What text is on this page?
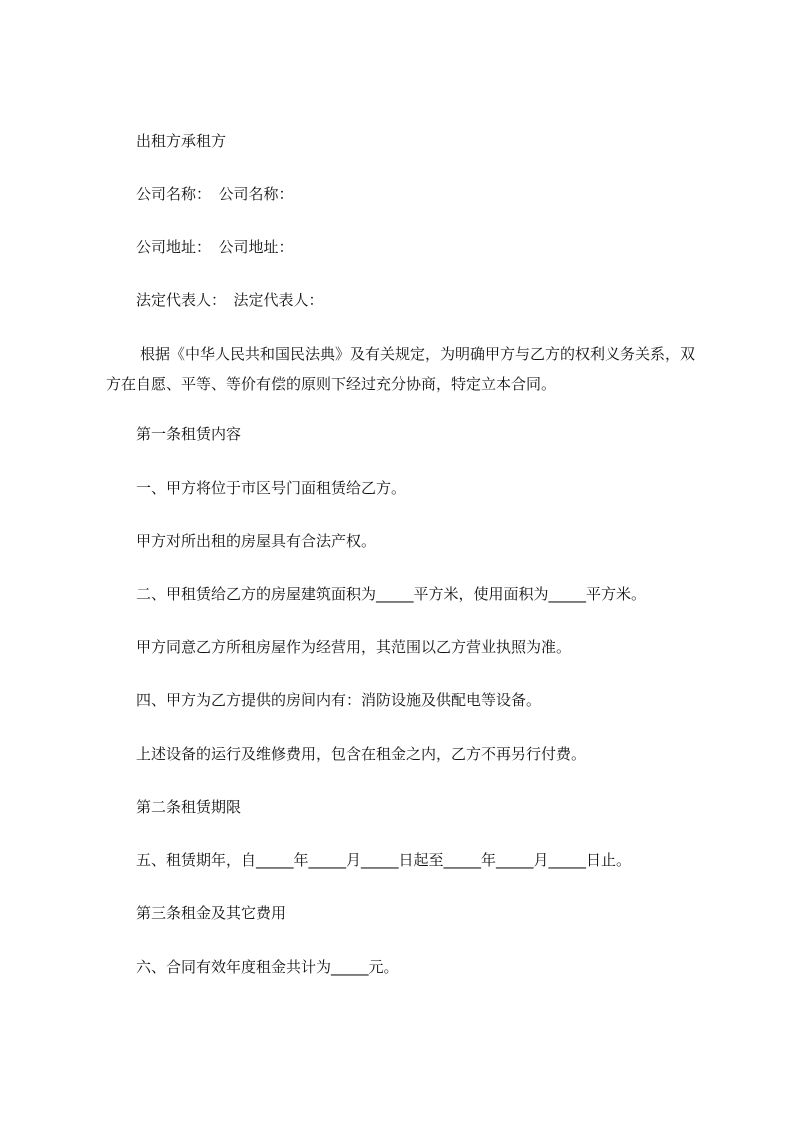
出租方承租方
公司名称：　公司名称：
公司地址：　公司地址：
法定代表人：　法定代表人：
根据《中华人民共和国民法典》及有关规定，为明确甲方与乙方的权利义务关系，双方在自愿、平等、等价有偿的原则下经过充分协商，特定立本合同。
第一条租赁内容
一、甲方将位于市区号门面租赁给乙方。
甲方对所出租的房屋具有合法产权。
二、甲租赁给乙方的房屋建筑面积为_____平方米，使用面积为_____平方米。
甲方同意乙方所租房屋作为经营用，其范围以乙方营业执照为准。
四、甲方为乙方提供的房间内有：消防设施及供配电等设备。
上述设备的运行及维修费用，包含在租金之内，乙方不再另行付费。
第二条租赁期限
五、租赁期年，自_____年_____月_____日起至_____年_____月_____日止。
第三条租金及其它费用
六、合同有效年度租金共计为_____元。
